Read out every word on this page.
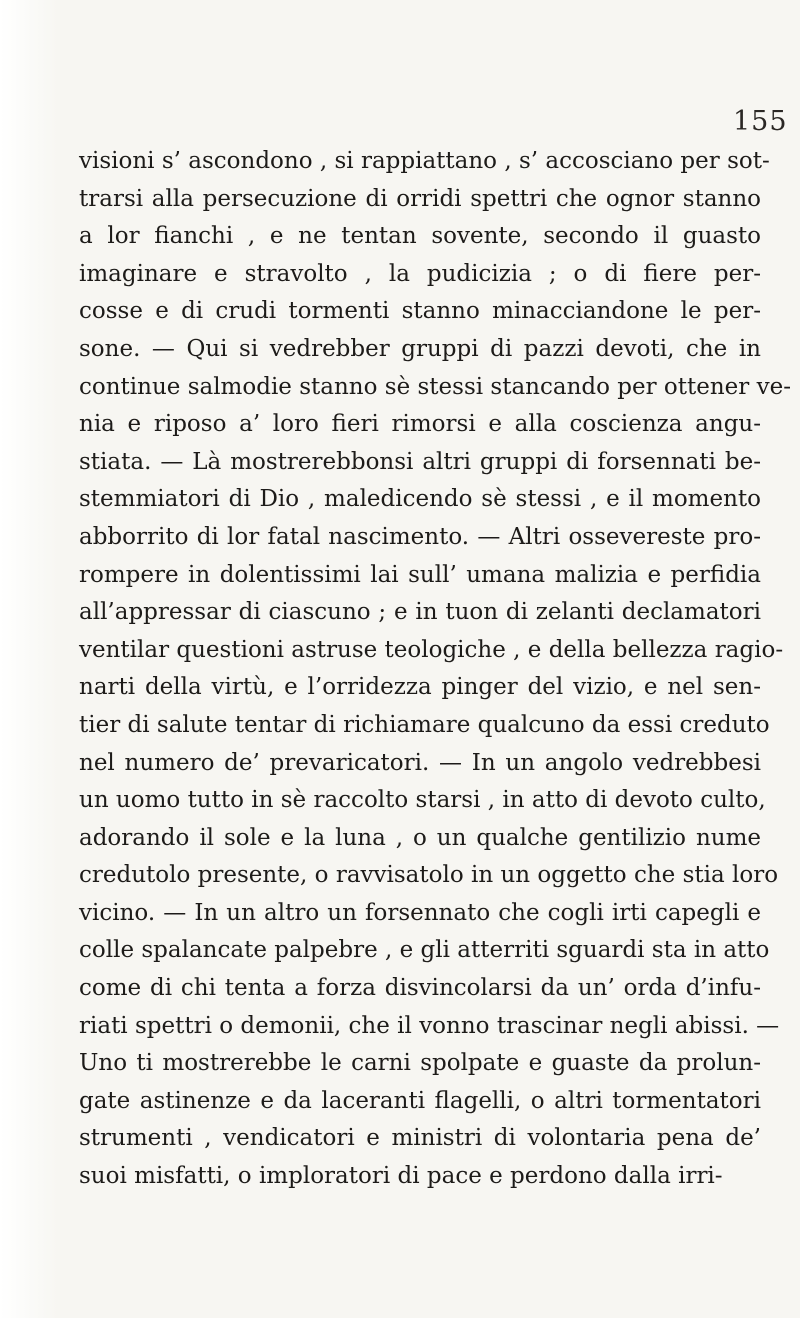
155
visioni s’ ascondono , si rappiattano , s’ accosciano per sot-
trarsi alla persecuzione di orridi spettri che ognor stanno
a lor fianchi , e ne tentan sovente, secondo il guasto
imaginare e stravolto , la pudicizia ; o di fiere per-
cosse e di crudi tormenti stanno minacciandone le per-
sone. — Qui si vedrebber gruppi di pazzi devoti, che in
continue salmodie stanno sè stessi stancando per ottener ve-
nia e riposo a’ loro fieri rimorsi e alla coscienza angu-
stiata. — Là mostrerebbonsi altri gruppi di forsennati be-
stemmiatori di Dio , maledicendo sè stessi , e il momento
abborrito di lor fatal nascimento. — Altri ossevereste pro-
rompere in dolentissimi lai sull’ umana malizia e perfidia
all’appressar di ciascuno ; e in tuon di zelanti declamatori
ventilar questioni astruse teologiche , e della bellezza ragio-
narti della virtù, e l’orridezza pinger del vizio, e nel sen-
tier di salute tentar di richiamare qualcuno da essi creduto
nel numero de’ prevaricatori. — In un angolo vedrebbesi
un uomo tutto in sè raccolto starsi , in atto di devoto culto,
adorando il sole e la luna , o un qualche gentilizio nume
credutolo presente, o ravvisatolo in un oggetto che stia loro
vicino. — In un altro un forsennato che cogli irti capegli e
colle spalancate palpebre , e gli atterriti sguardi sta in atto
come di chi tenta a forza disvincolarsi da un’ orda d’infu-
riati spettri o demonii, che il vonno trascinar negli abissi. —
Uno ti mostrerebbe le carni spolpate e guaste da prolun-
gate astinenze e da laceranti flagelli, o altri tormentatori
strumenti , vendicatori e ministri di volontaria pena de’
suoi misfatti, o imploratori di pace e perdono dalla irri-
